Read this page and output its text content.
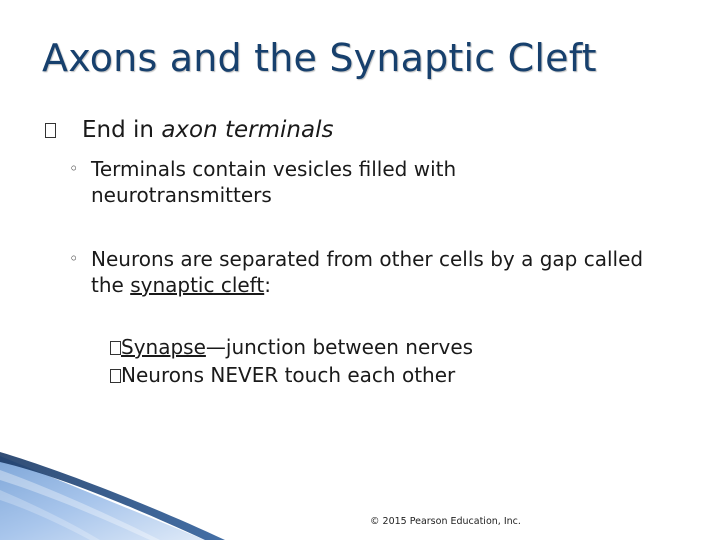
Axons and the Synaptic Cleft
End in axon terminals
◦ Terminals contain vesicles filled with neurotransmitters
◦ Neurons are separated from other cells by a gap called the synaptic cleft:
Synapse—junction between nerves
Neurons NEVER touch each other
© 2015 Pearson Education, Inc.
